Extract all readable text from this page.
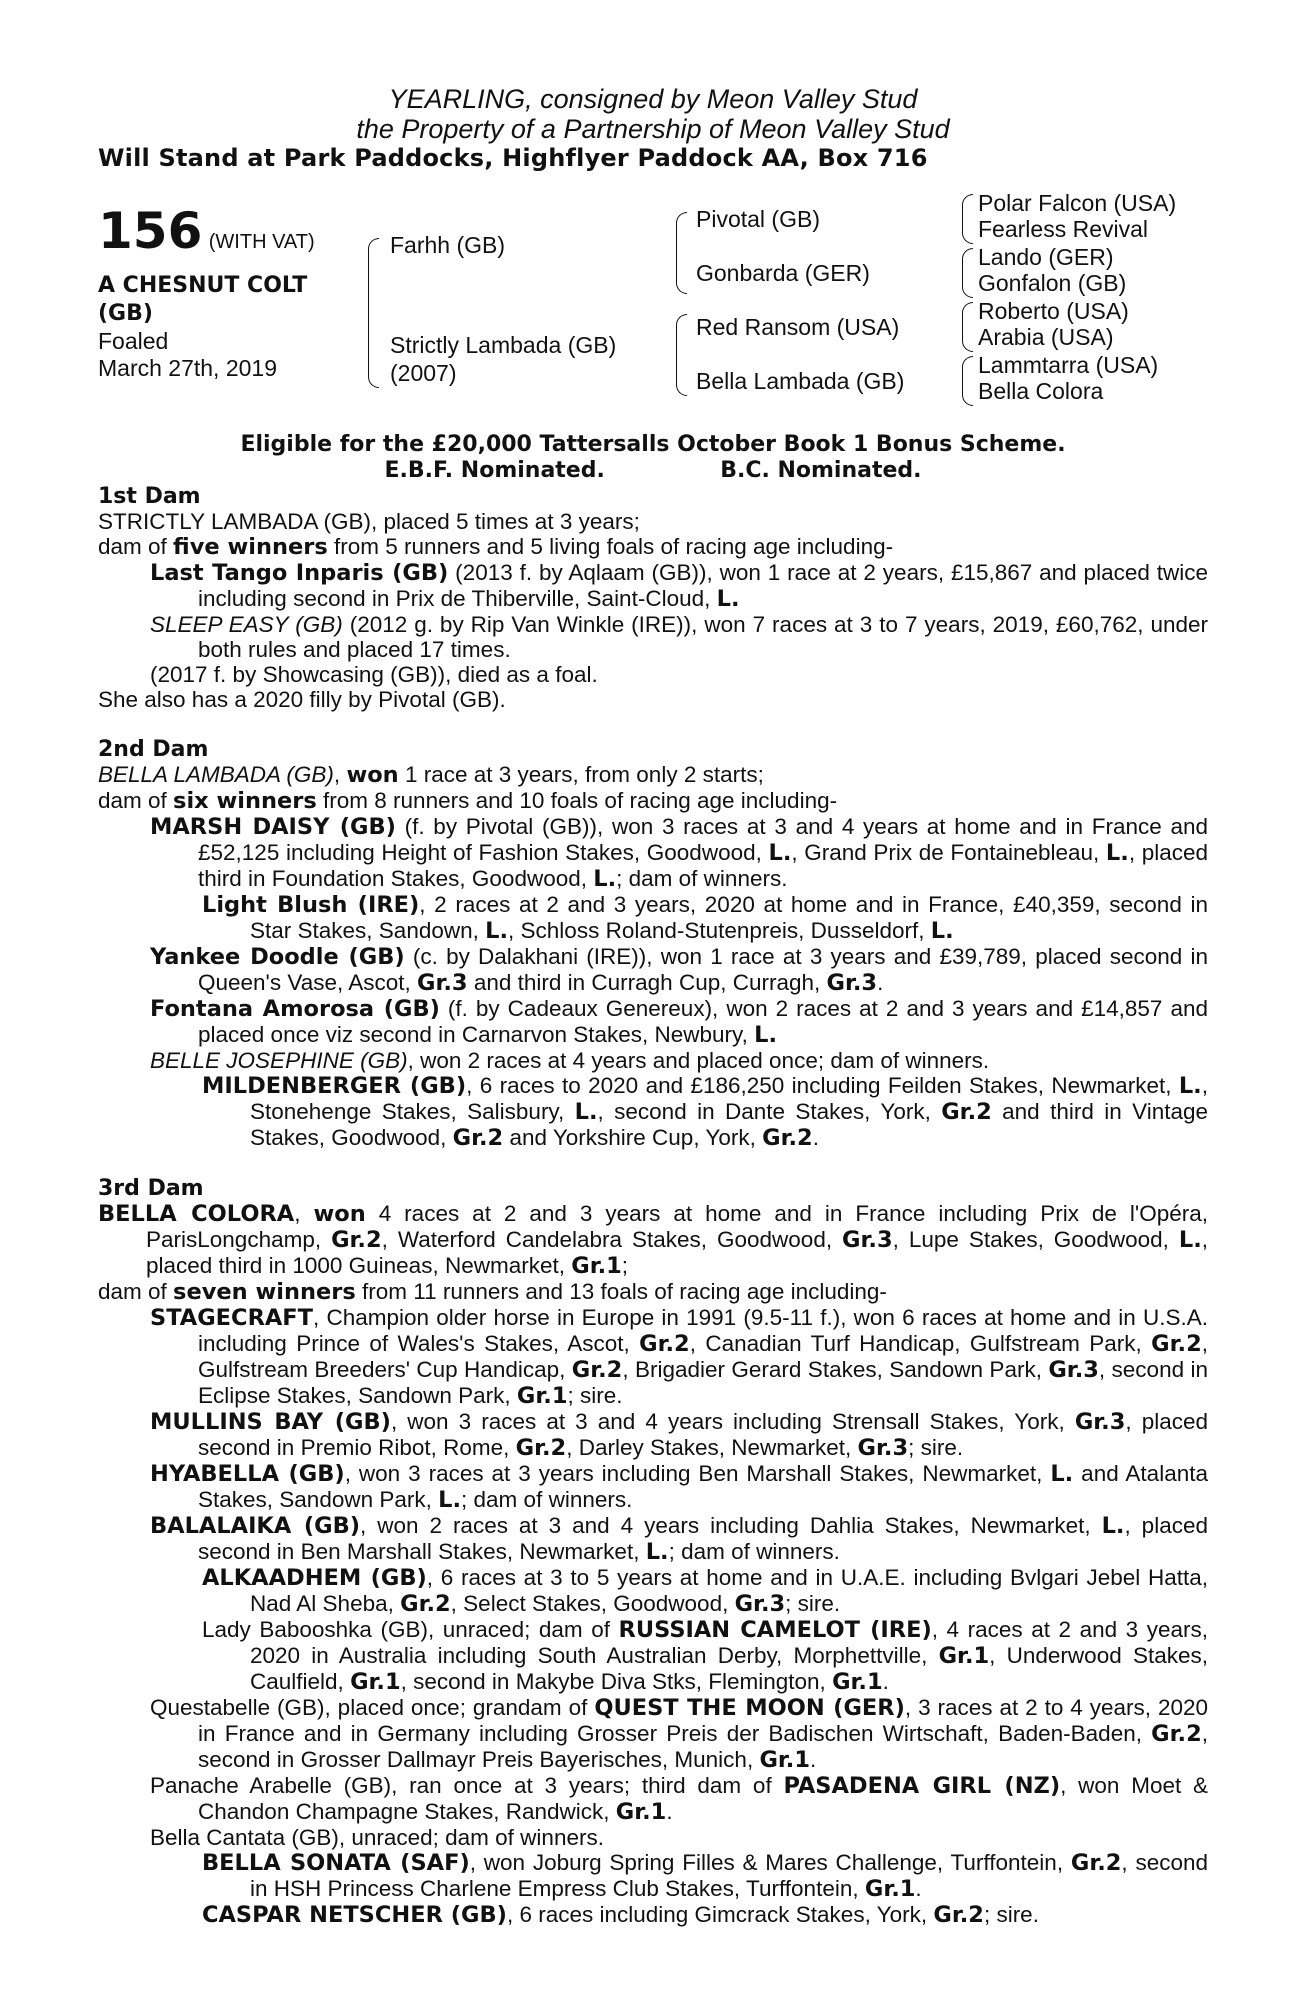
YEARLING, consigned by Meon Valley Stud
the Property of a Partnership of Meon Valley Stud
Will Stand at Park Paddocks, Highflyer Paddock AA, Box 716
156 (WITH VAT)
A CHESNUT COLT
(GB)
Foaled
March 27th, 2019
Farhh (GB)
Strictly Lambada (GB)
(2007)
Pivotal (GB)
Gonbarda (GER)
Red Ransom (USA)
Bella Lambada (GB)
Polar Falcon (USA)
Fearless Revival
Lando (GER)
Gonfalon (GB)
Roberto (USA)
Arabia (USA)
Lammtarra (USA)
Bella Colora
Eligible for the £20,000 Tattersalls October Book 1 Bonus Scheme.
E.B.F. Nominated.	B.C. Nominated.
1st Dam
STRICTLY LAMBADA (GB), placed 5 times at 3 years;
dam of five winners from 5 runners and 5 living foals of racing age including-
Last Tango Inparis (GB) (2013 f. by Aqlaam (GB)), won 1 race at 2 years, £15,867 and placed twice including second in Prix de Thiberville, Saint-Cloud, L.
SLEEP EASY (GB) (2012 g. by Rip Van Winkle (IRE)), won 7 races at 3 to 7 years, 2019, £60,762, under both rules and placed 17 times.
(2017 f. by Showcasing (GB)), died as a foal.
She also has a 2020 filly by Pivotal (GB).
2nd Dam
BELLA LAMBADA (GB), won 1 race at 3 years, from only 2 starts;
dam of six winners from 8 runners and 10 foals of racing age including-
MARSH DAISY (GB) (f. by Pivotal (GB)), won 3 races at 3 and 4 years at home and in France and £52,125 including Height of Fashion Stakes, Goodwood, L., Grand Prix de Fontainebleau, L., placed third in Foundation Stakes, Goodwood, L.; dam of winners.
Light Blush (IRE), 2 races at 2 and 3 years, 2020 at home and in France, £40,359, second in Star Stakes, Sandown, L., Schloss Roland-Stutenpreis, Dusseldorf, L.
Yankee Doodle (GB) (c. by Dalakhani (IRE)), won 1 race at 3 years and £39,789, placed second in Queen's Vase, Ascot, Gr.3 and third in Curragh Cup, Curragh, Gr.3.
Fontana Amorosa (GB) (f. by Cadeaux Genereux), won 2 races at 2 and 3 years and £14,857 and placed once viz second in Carnarvon Stakes, Newbury, L.
BELLE JOSEPHINE (GB), won 2 races at 4 years and placed once; dam of winners.
MILDENBERGER (GB), 6 races to 2020 and £186,250 including Feilden Stakes, Newmarket, L., Stonehenge Stakes, Salisbury, L., second in Dante Stakes, York, Gr.2 and third in Vintage Stakes, Goodwood, Gr.2 and Yorkshire Cup, York, Gr.2.
3rd Dam
BELLA COLORA, won 4 races at 2 and 3 years at home and in France including Prix de l'Opéra, ParisLongchamp, Gr.2, Waterford Candelabra Stakes, Goodwood, Gr.3, Lupe Stakes, Goodwood, L., placed third in 1000 Guineas, Newmarket, Gr.1;
dam of seven winners from 11 runners and 13 foals of racing age including-
STAGECRAFT, Champion older horse in Europe in 1991 (9.5-11 f.), won 6 races at home and in U.S.A. including Prince of Wales's Stakes, Ascot, Gr.2, Canadian Turf Handicap, Gulfstream Park, Gr.2, Gulfstream Breeders' Cup Handicap, Gr.2, Brigadier Gerard Stakes, Sandown Park, Gr.3, second in Eclipse Stakes, Sandown Park, Gr.1; sire.
MULLINS BAY (GB), won 3 races at 3 and 4 years including Strensall Stakes, York, Gr.3, placed second in Premio Ribot, Rome, Gr.2, Darley Stakes, Newmarket, Gr.3; sire.
HYABELLA (GB), won 3 races at 3 years including Ben Marshall Stakes, Newmarket, L. and Atalanta Stakes, Sandown Park, L.; dam of winners.
BALALAIKA (GB), won 2 races at 3 and 4 years including Dahlia Stakes, Newmarket, L., placed second in Ben Marshall Stakes, Newmarket, L.; dam of winners.
ALKAADHEM (GB), 6 races at 3 to 5 years at home and in U.A.E. including Bvlgari Jebel Hatta, Nad Al Sheba, Gr.2, Select Stakes, Goodwood, Gr.3; sire.
Lady Babooshka (GB), unraced; dam of RUSSIAN CAMELOT (IRE), 4 races at 2 and 3 years, 2020 in Australia including South Australian Derby, Morphettville, Gr.1, Underwood Stakes, Caulfield, Gr.1, second in Makybe Diva Stks, Flemington, Gr.1.
Questabelle (GB), placed once; grandam of QUEST THE MOON (GER), 3 races at 2 to 4 years, 2020 in France and in Germany including Grosser Preis der Badischen Wirtschaft, Baden-Baden, Gr.2, second in Grosser Dallmayr Preis Bayerisches, Munich, Gr.1.
Panache Arabelle (GB), ran once at 3 years; third dam of PASADENA GIRL (NZ), won Moet & Chandon Champagne Stakes, Randwick, Gr.1.
Bella Cantata (GB), unraced; dam of winners.
BELLA SONATA (SAF), won Joburg Spring Filles & Mares Challenge, Turffontein, Gr.2, second in HSH Princess Charlene Empress Club Stakes, Turffontein, Gr.1.
CASPAR NETSCHER (GB), 6 races including Gimcrack Stakes, York, Gr.2; sire.
